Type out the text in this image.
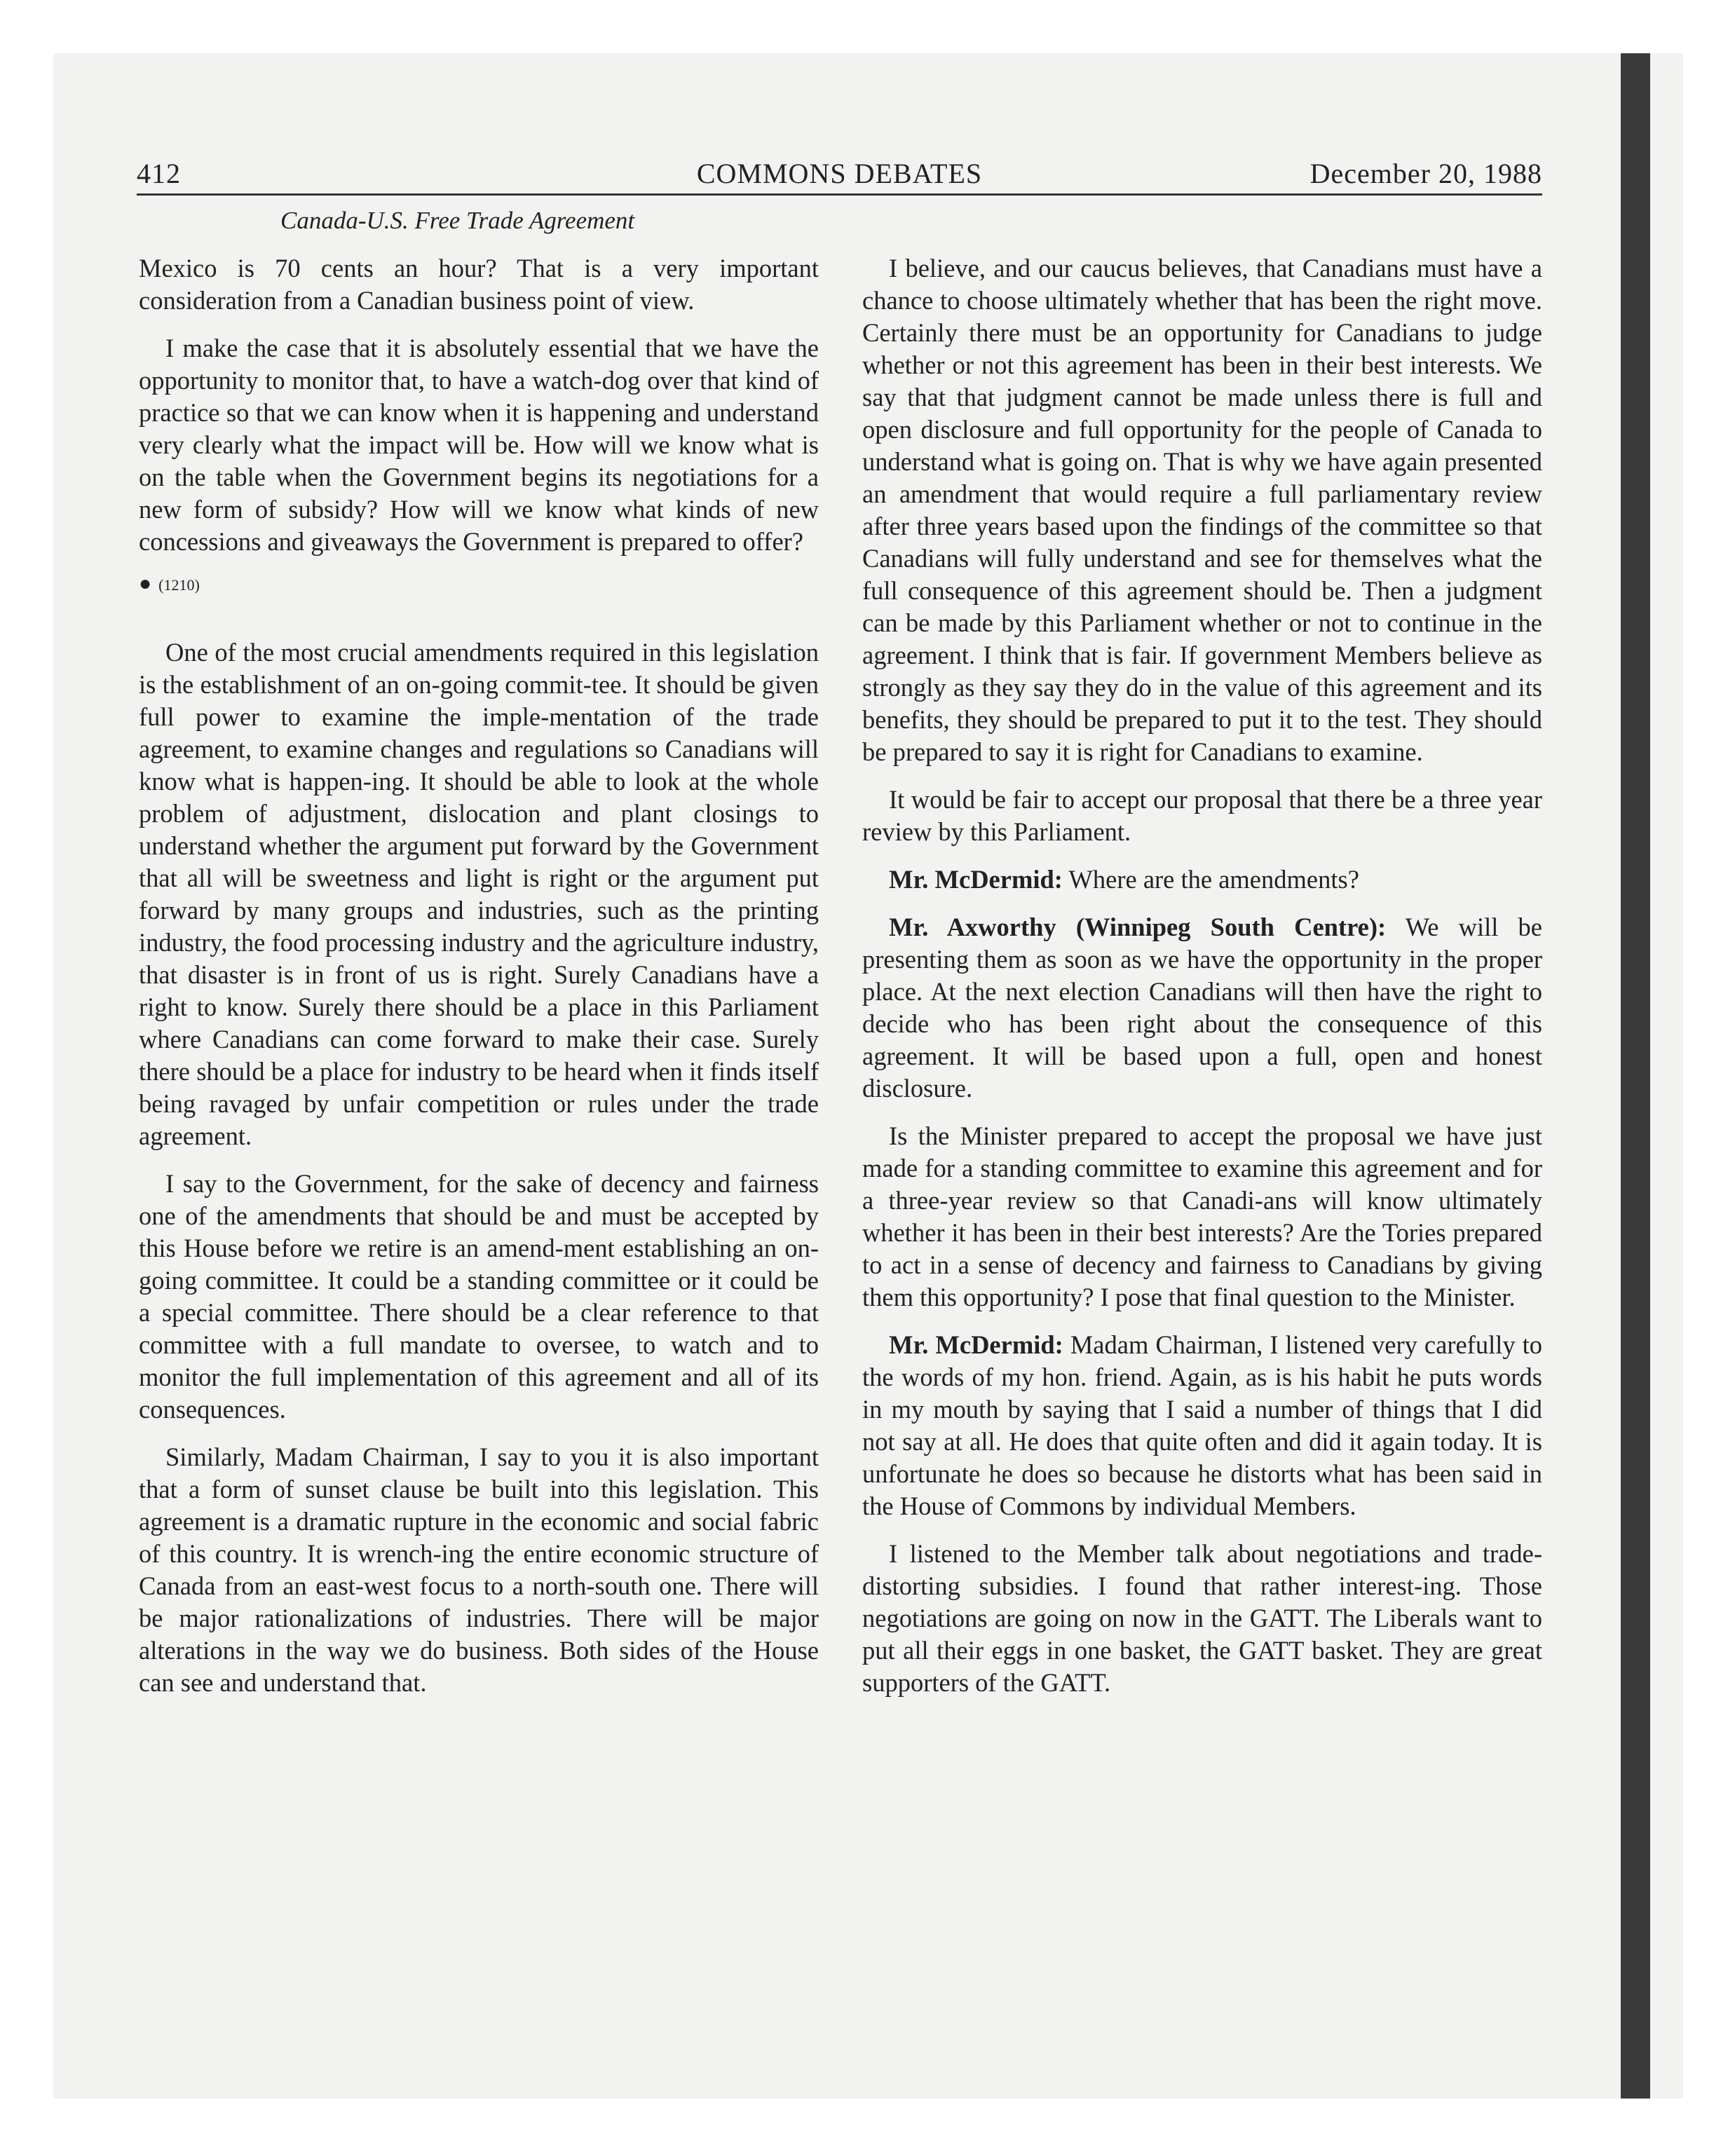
412	COMMONS DEBATES	December 20, 1988
Canada-U.S. Free Trade Agreement

Mexico is 70 cents an hour? That is a very important consideration from a Canadian business point of view.

I make the case that it is absolutely essential that we have the opportunity to monitor that, to have a watch-dog over that kind of practice so that we can know when it is happening and understand very clearly what the impact will be. How will we know what is on the table when the Government begins its negotiations for a new form of subsidy? How will we know what kinds of new concessions and giveaways the Government is prepared to offer?

● (1210)

One of the most crucial amendments required in this legislation is the establishment of an on-going commit-tee. It should be given full power to examine the imple-mentation of the trade agreement, to examine changes and regulations so Canadians will know what is happen-ing. It should be able to look at the whole problem of adjustment, dislocation and plant closings to understand whether the argument put forward by the Government that all will be sweetness and light is right or the argument put forward by many groups and industries, such as the printing industry, the food processing industry and the agriculture industry, that disaster is in front of us is right. Surely Canadians have a right to know. Surely there should be a place in this Parliament where Canadians can come forward to make their case. Surely there should be a place for industry to be heard when it finds itself being ravaged by unfair competition or rules under the trade agreement.

I say to the Government, for the sake of decency and fairness one of the amendments that should be and must be accepted by this House before we retire is an amend-ment establishing an on-going committee. It could be a standing committee or it could be a special committee. There should be a clear reference to that committee with a full mandate to oversee, to watch and to monitor the full implementation of this agreement and all of its consequences.

Similarly, Madam Chairman, I say to you it is also important that a form of sunset clause be built into this legislation. This agreement is a dramatic rupture in the economic and social fabric of this country. It is wrench-ing the entire economic structure of Canada from an east-west focus to a north-south one. There will be major rationalizations of industries. There will be major alterations in the way we do business. Both sides of the House can see and understand that.

I believe, and our caucus believes, that Canadians must have a chance to choose ultimately whether that has been the right move. Certainly there must be an opportunity for Canadians to judge whether or not this agreement has been in their best interests. We say that that judgment cannot be made unless there is full and open disclosure and full opportunity for the people of Canada to understand what is going on. That is why we have again presented an amendment that would require a full parliamentary review after three years based upon the findings of the committee so that Canadians will fully understand and see for themselves what the full consequence of this agreement should be. Then a judgment can be made by this Parliament whether or not to continue in the agreement. I think that is fair. If government Members believe as strongly as they say they do in the value of this agreement and its benefits, they should be prepared to put it to the test. They should be prepared to say it is right for Canadians to examine.

It would be fair to accept our proposal that there be a three year review by this Parliament.

Mr. McDermid: Where are the amendments?

Mr. Axworthy (Winnipeg South Centre): We will be presenting them as soon as we have the opportunity in the proper place. At the next election Canadians will then have the right to decide who has been right about the consequence of this agreement. It will be based upon a full, open and honest disclosure.

Is the Minister prepared to accept the proposal we have just made for a standing committee to examine this agreement and for a three-year review so that Canadi-ans will know ultimately whether it has been in their best interests? Are the Tories prepared to act in a sense of decency and fairness to Canadians by giving them this opportunity? I pose that final question to the Minister.

Mr. McDermid: Madam Chairman, I listened very carefully to the words of my hon. friend. Again, as is his habit he puts words in my mouth by saying that I said a number of things that I did not say at all. He does that quite often and did it again today. It is unfortunate he does so because he distorts what has been said in the House of Commons by individual Members.

I listened to the Member talk about negotiations and trade-distorting subsidies. I found that rather interest-ing. Those negotiations are going on now in the GATT. The Liberals want to put all their eggs in one basket, the GATT basket. They are great supporters of the GATT.
